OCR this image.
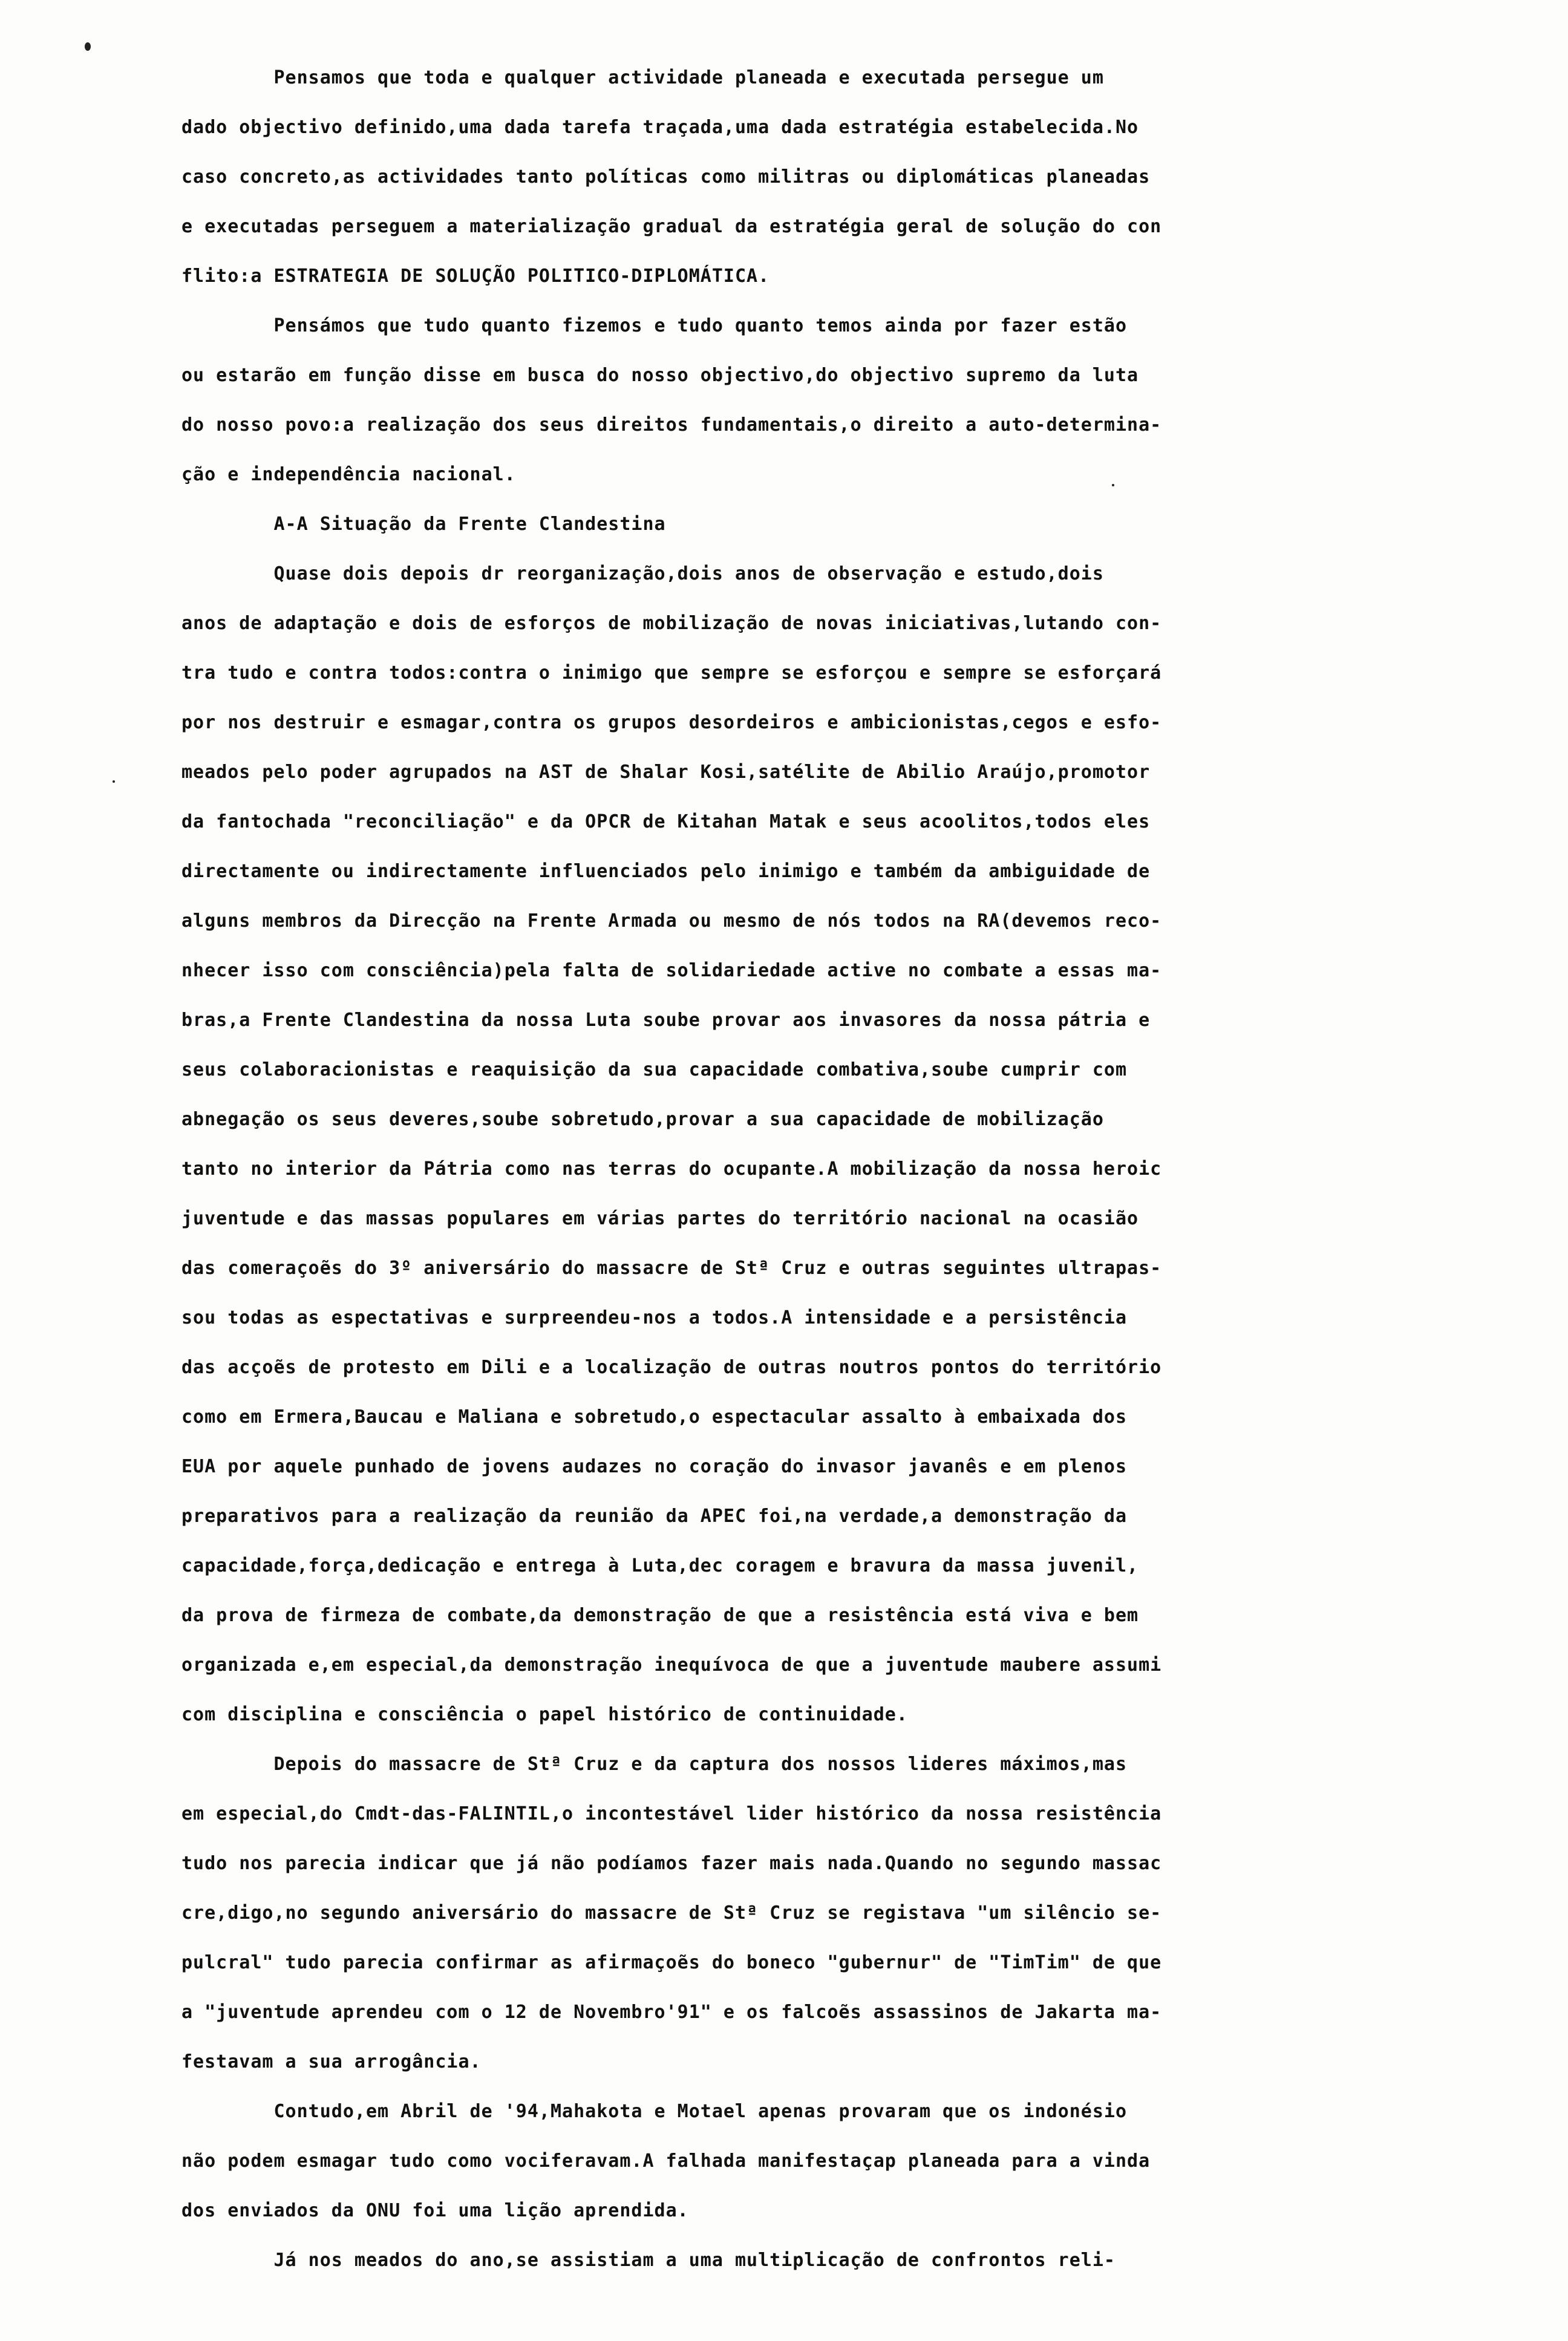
Pensamos que toda e qualquer actividade planeada e executada persegue um
dado objectivo definido,uma dada tarefa traçada,uma dada estratégia estabelecida.No
caso concreto,as actividades tanto políticas como militras ou diplomáticas planeadas
e executadas perseguem a materialização gradual da estratégia geral de solução do con
flito:a ESTRATEGIA DE SOLUÇÃO POLITICO-DIPLOMÁTICA.
Pensámos que tudo quanto fizemos e tudo quanto temos ainda por fazer estão
ou estarão em função disse em busca do nosso objectivo,do objectivo supremo da luta
do nosso povo:a realização dos seus direitos fundamentais,o direito a auto-determina-
ção e independência nacional.
A-A Situação da Frente Clandestina
Quase dois depois dr reorganização,dois anos de observação e estudo,dois
anos de adaptação e dois de esforços de mobilização de novas iniciativas,lutando con-
tra tudo e contra todos:contra o inimigo que sempre se esforçou e sempre se esforçará
por nos destruir e esmagar,contra os grupos desordeiros e ambicionistas,cegos e esfo-
meados pelo poder agrupados na AST de Shalar Kosi,satélite de Abilio Araújo,promotor
da fantochada "reconciliação" e da OPCR de Kitahan Matak e seus acoolitos,todos eles
directamente ou indirectamente influenciados pelo inimigo e também da ambiguidade de
alguns membros da Direcção na Frente Armada ou mesmo de nós todos na RA(devemos reco-
nhecer isso com consciência)pela falta de solidariedade active no combate a essas ma-
bras,a Frente Clandestina da nossa Luta soube provar aos invasores da nossa pátria e
seus colaboracionistas e reaquisição da sua capacidade combativa,soube cumprir com
abnegação os seus deveres,soube sobretudo,provar a sua capacidade de mobilização
tanto no interior da Pátria como nas terras do ocupante.A mobilização da nossa heroic
juventude e das massas populares em várias partes do território nacional na ocasião
das comeraçoẽs do 3º aniversário do massacre de Stª Cruz e outras seguintes ultrapas-
sou todas as espectativas e surpreendeu-nos a todos.A intensidade e a persistência
das acçoẽs de protesto em Dili e a localização de outras noutros pontos do território
como em Ermera,Baucau e Maliana e sobretudo,o espectacular assalto à embaixada dos
EUA por aquele punhado de jovens audazes no coração do invasor javanês e em plenos
preparativos para a realização da reunião da APEC foi,na verdade,a demonstração da
capacidade,força,dedicação e entrega à Luta,dec coragem e bravura da massa juvenil,
da prova de firmeza de combate,da demonstração de que a resistência está viva e bem
organizada e,em especial,da demonstração inequívoca de que a juventude maubere assumi
com disciplina e consciência o papel histórico de continuidade.
Depois do massacre de Stª Cruz e da captura dos nossos lideres máximos,mas
em especial,do Cmdt-das-FALINTIL,o incontestável lider histórico da nossa resistência
tudo nos parecia indicar que já não podíamos fazer mais nada.Quando no segundo massac
cre,digo,no segundo aniversário do massacre de Stª Cruz se registava "um silêncio se-
pulcral" tudo parecia confirmar as afirmaçoẽs do boneco "gubernur" de "TimTim" de que
a "juventude aprendeu com o 12 de Novembro'91" e os falcoẽs assassinos de Jakarta ma-
festavam a sua arrogância.
Contudo,em Abril de '94,Mahakota e Motael apenas provaram que os indonésio
não podem esmagar tudo como vociferavam.A falhada manifestaçap planeada para a vinda
dos enviados da ONU foi uma lição aprendida.
Já nos meados do ano,se assistiam a uma multiplicação de confrontos reli-
